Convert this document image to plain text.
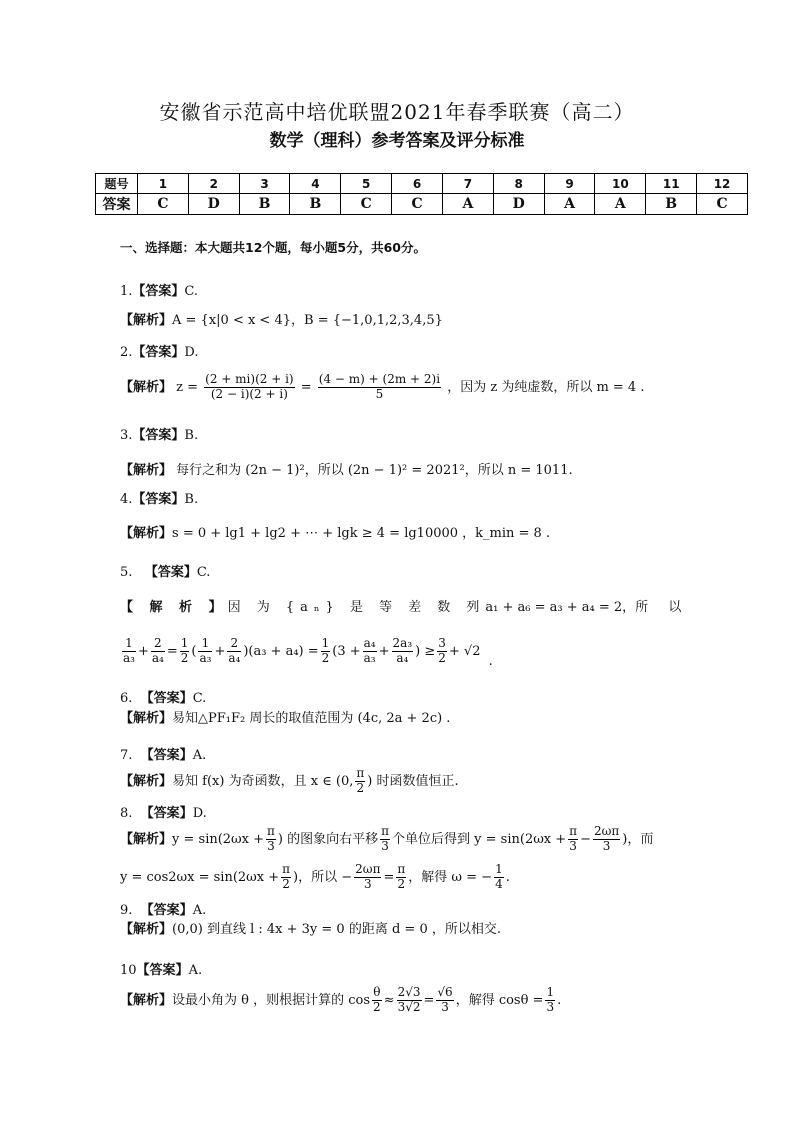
安徽省示范高中培优联盟2021年春季联赛（高二）
数学（理科）参考答案及评分标准
题号	1	2	3	4	5	6	7	8	9	10	11	12
答案	C	D	B	B	C	C	A	D	A	A	B	C
一、选择题：本大题共12个题，每小题5分，共60分。
1.【答案】C.
【解析】A = {x|0 < x < 4}，B = {−1,0,1,2,3,4,5}
2.【答案】D.
【解析】 $z = \frac{(2 + mi)(2 + i)}{(2 - i)(2 + i)} = \frac{(4 - m) + (2m + 2)i}{5}$ ，因为 z 为纯虚数，所以 m = 4 .
3.【答案】B.
【解析】 每行之和为 (2n − 1)²，所以 (2n − 1)² = 2021²，所以 n = 1011.
4.【答案】B.
【解析】s = 0 + lg1 + lg2 + ⋯ + lgk ≥ 4 = lg10000 ，k_min = 8 .
5. 【答案】C.
【 解 析 】 因 为 {aₙ} 是 等 差 数 列 a₁ + a₆ = a₃ + a₄ = 2 ， 所 以
$\frac{1}{\text{a₃}} + \frac{2}{\text{a₄}} = \frac{1}{2}$ ( $\frac{1}{\text{a₃}} + \frac{2}{\text{a₄}} )(a_3 + a_4) = \frac{1}{2} (3 + \frac{\text{a₄}}{\text{a₃}} + \frac{\text{2a₃}}{\text{a₄}}$ ) ≥ $\frac{3}{2} + √2$ .
6. 【答案】C.
【解析】易知△PF₁F₂ 周长的取值范围为 (4c, 2a + 2c) .
7. 【答案】A.
【解析】易知 f(x) 为奇函数，且 x ∈ (0, $\frac{\pi}{2}$ ) 时函数值恒正.
8. 【答案】D.
【解析】$y = \sin(2\omega x + \frac{\pi}{3}$ ) 的图象向右平移 $\frac{\pi}{3}$ 个单位后得到 $y = \sin(2\omega x + \frac{\pi}{3} - \frac{2\omega\pi}{3}$ )，而
$y = \cos 2\omega x = \sin(2\omega x + \frac{\pi}{2}$ )，所以 − $\frac{2\omega\pi}{3} = \frac{\pi}{2}$ ，解得 ω = − $\frac{1}{4}$ .
9. 【答案】A.
【解析】(0,0) 到直线 l : 4x + 3y = 0 的距离 d = 0 ，所以相交.
10【答案】A.
【解析】设最小角为 θ ，则根据计算的 $\cos \frac{\theta}{2} \approx \frac{2√3}{3√2} = \frac{√6}{3}$ ，解得 $\cos\theta = \frac{1}{3}$ .
